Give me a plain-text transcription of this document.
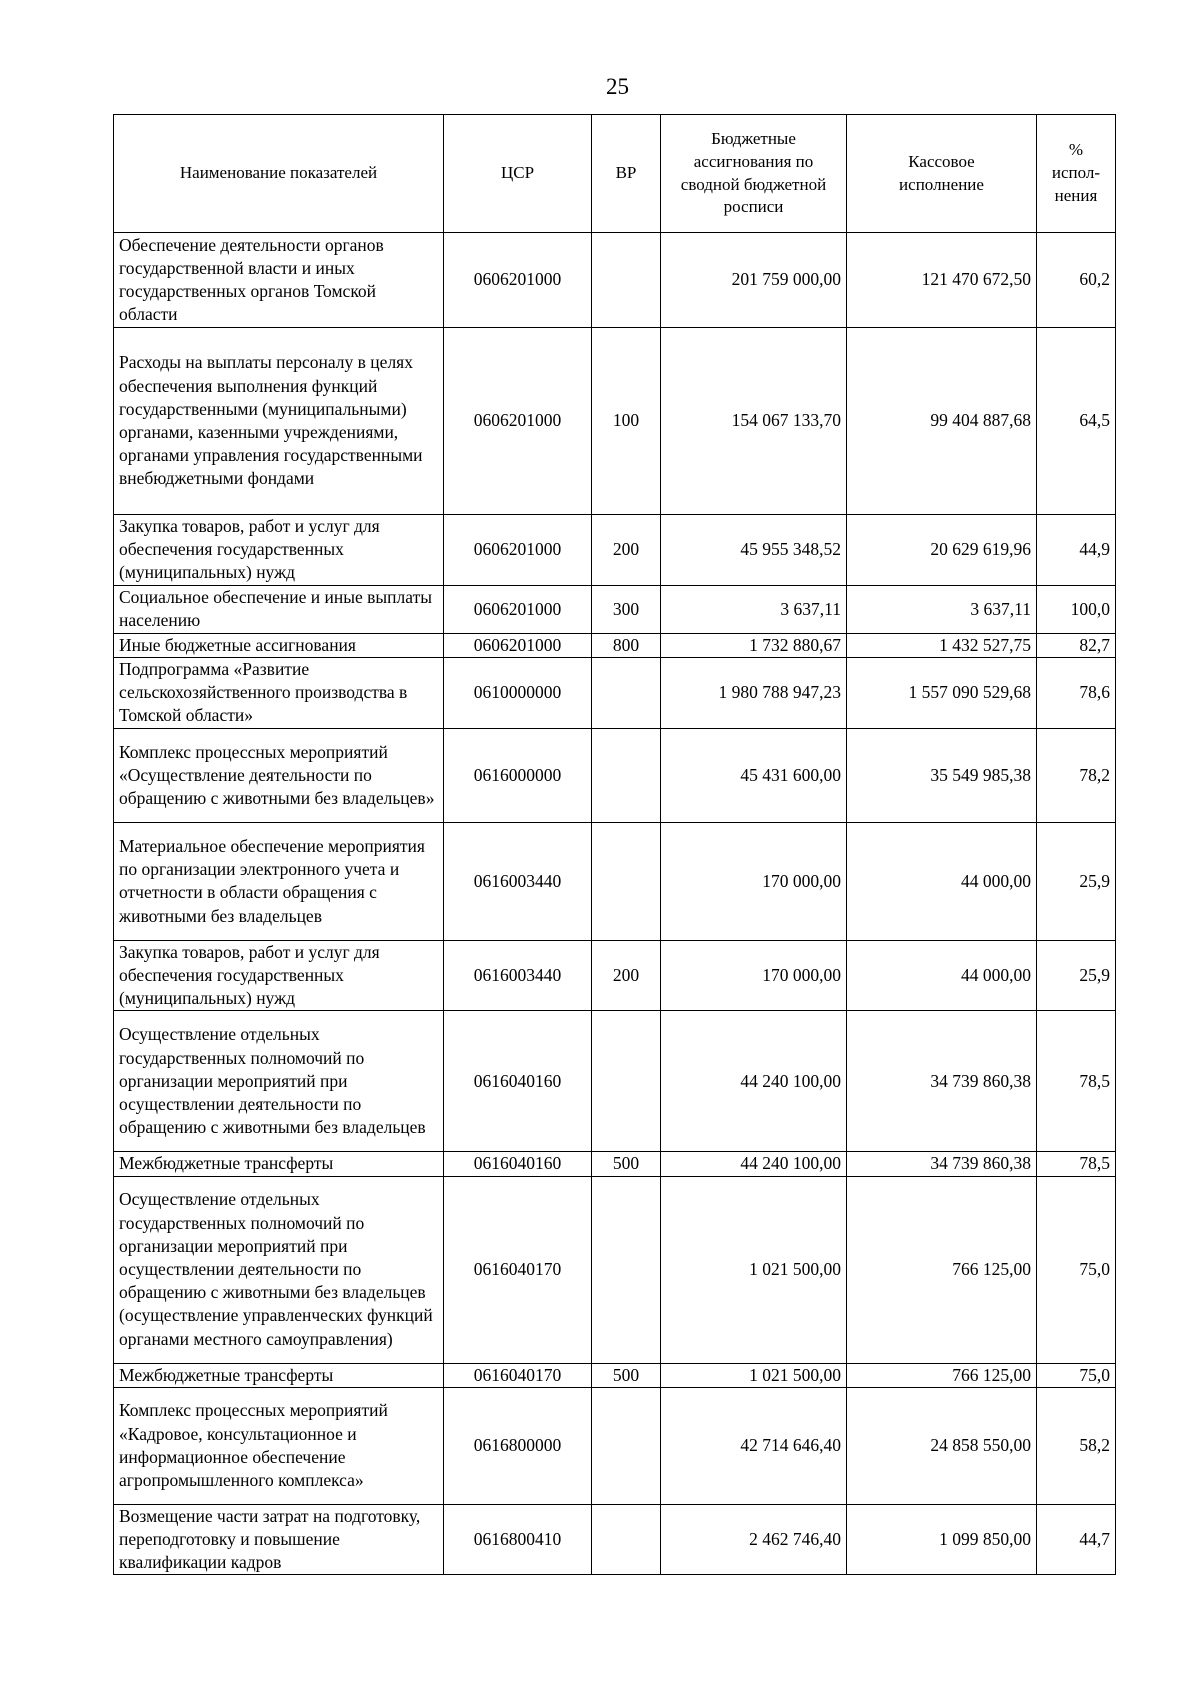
25
Наименование показателей	ЦСР	ВР	Бюджетные ассигнования по сводной бюджетной росписи	Кассовое исполнение	% испол-нения

Обеспечение деятельности органов государственной власти и иных государственных органов Томской области	0606201000		201 759 000,00	121 470 672,50	60,2
Расходы на выплаты персоналу в целях обеспечения выполнения функций государственными (муниципальными) органами, казенными учреждениями, органами управления государственными внебюджетными фондами	0606201000	100	154 067 133,70	99 404 887,68	64,5
Закупка товаров, работ и услуг для обеспечения государственных (муниципальных) нужд	0606201000	200	45 955 348,52	20 629 619,96	44,9
Социальное обеспечение и иные выплаты населению	0606201000	300	3 637,11	3 637,11	100,0
Иные бюджетные ассигнования	0606201000	800	1 732 880,67	1 432 527,75	82,7
Подпрограмма «Развитие сельскохозяйственного производства в Томской области»	0610000000		1 980 788 947,23	1 557 090 529,68	78,6
Комплекс процессных мероприятий «Осуществление деятельности по обращению с животными без владельцев»	0616000000		45 431 600,00	35 549 985,38	78,2
Материальное обеспечение мероприятия по организации электронного учета и отчетности в области обращения с животными без владельцев	0616003440		170 000,00	44 000,00	25,9
Закупка товаров, работ и услуг для обеспечения государственных (муниципальных) нужд	0616003440	200	170 000,00	44 000,00	25,9
Осуществление отдельных государственных полномочий по организации мероприятий при осуществлении деятельности по обращению с животными без владельцев	0616040160		44 240 100,00	34 739 860,38	78,5
Межбюджетные трансферты	0616040160	500	44 240 100,00	34 739 860,38	78,5
Осуществление отдельных государственных полномочий по организации мероприятий при осуществлении деятельности по обращению с животными без владельцев (осуществление управленческих функций органами местного самоуправления)	0616040170		1 021 500,00	766 125,00	75,0
Межбюджетные трансферты	0616040170	500	1 021 500,00	766 125,00	75,0
Комплекс процессных мероприятий «Кадровое, консультационное и информационное обеспечение агропромышленного комплекса»	0616800000		42 714 646,40	24 858 550,00	58,2
Возмещение части затрат на подготовку, переподготовку и повышение квалификации кадров	0616800410		2 462 746,40	1 099 850,00	44,7
